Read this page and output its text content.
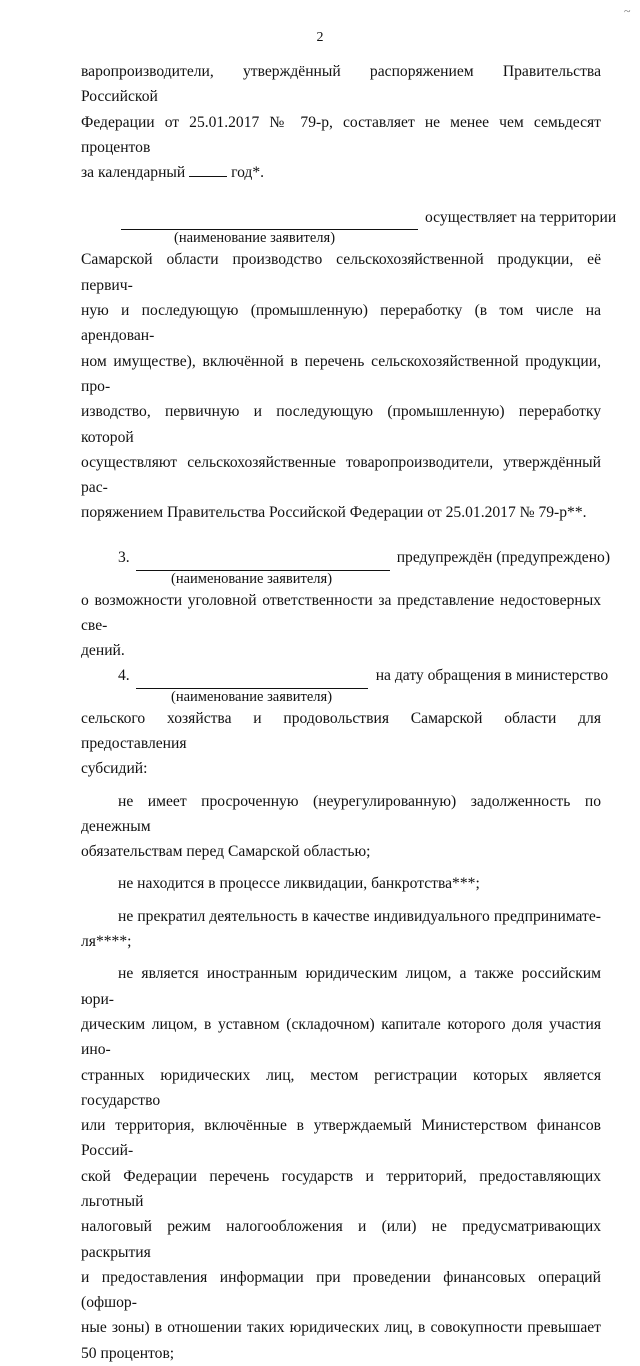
2
~

варопроизводители, утверждённый распоряжением Правительства Российской

Федерации от 25.01.2017 № 79-р, составляет не менее чем семьдесят процентов

за календарный	год*.

осуществляет на территории
(наименование заявителя)

Самарской области производство сельскохозяйственной продукции, её первич-

ную и последующую (промышленную) переработку (в том числе на арендован-

ном имуществе), включённой в перечень сельскохозяйственной продукции, про-

изводство, первичную и последующую (промышленную) переработку которой

осуществляют сельскохозяйственные товаропроизводители, утверждённый рас-

поряжением Правительства Российской Федерации от 25.01.2017 № 79-р**.

3.	предупреждён (предупреждено)
(наименование заявителя)

о возможности уголовной ответственности за представление недостоверных све-

дений.

4.	на дату обращения в министерство
(наименование заявителя)

сельского хозяйства и продовольствия Самарской области для предоставления

субсидий:

не имеет просроченную (неурегулированную) задолженность по денежным

обязательствам перед Самарской областью;

не находится в процессе ликвидации, банкротства***;

не прекратил деятельность в качестве индивидуального предпринимате-

ля****;

не является иностранным юридическим лицом, а также российским юри-

дическим лицом, в уставном (складочном) капитале которого доля участия ино-

странных юридических лиц, местом регистрации которых является государство

или территория, включённые в утверждаемый Министерством финансов Россий-

ской Федерации перечень государств и территорий, предоставляющих льготный

налоговый режим налогообложения и (или) не предусматривающих раскрытия

и предоставления информации при проведении финансовых операций (офшор-

ные зоны) в отношении таких юридических лиц, в совокупности превышает

50 процентов;
